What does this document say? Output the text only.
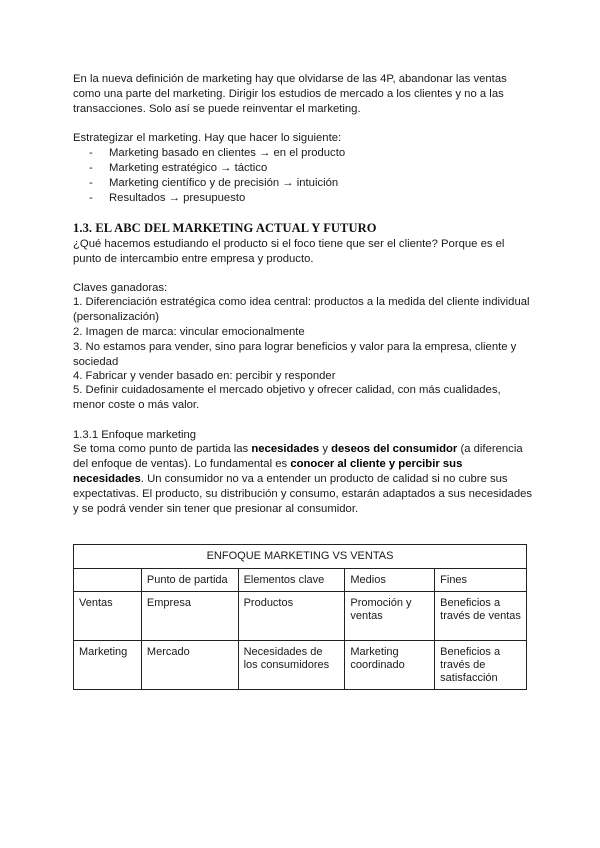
En la nueva definición de marketing hay que olvidarse de las 4P, abandonar las ventas como una parte del marketing. Dirigir los estudios de mercado a los clientes y no a las transacciones. Solo así se puede reinventar el marketing.

Estrategizar el marketing. Hay que hacer lo siguiente:

- Marketing basado en clientes → en el producto
- Marketing estratégico → táctico
- Marketing científico y de precisión → intuición
- Resultados → presupuesto
1.3. EL ABC DEL MARKETING ACTUAL Y FUTURO

¿Qué hacemos estudiando el producto si el foco tiene que ser el cliente? Porque es el punto de intercambio entre empresa y producto.

Claves ganadoras:

1. Diferenciación estratégica como idea central: productos a la medida del cliente individual (personalización)

2. Imagen de marca: vincular emocionalmente

3. No estamos para vender, sino para lograr beneficios y valor para la empresa, cliente y sociedad

4. Fabricar y vender basado en: percibir y responder

5. Definir cuidadosamente el mercado objetivo y ofrecer calidad, con más cualidades, menor coste o más valor.

1.3.1 Enfoque marketing

Se toma como punto de partida las necesidades y deseos del consumidor (a diferencia del enfoque de ventas). Lo fundamental es conocer al cliente y percibir sus necesidades. Un consumidor no va a entender un producto de calidad si no cubre sus expectativas. El producto, su distribución y consumo, estarán adaptados a sus necesidades y se podrá vender sin tener que presionar al consumidor.

ENFOQUE MARKETING VS VENTAS				
	Punto de partida	Elementos clave	Medios	Fines
Ventas	Empresa	Productos	Promoción y ventas	Beneficios a través de ventas
Marketing	Mercado	Necesidades de los consumidores	Marketing coordinado	Beneficios a través de satisfacción
